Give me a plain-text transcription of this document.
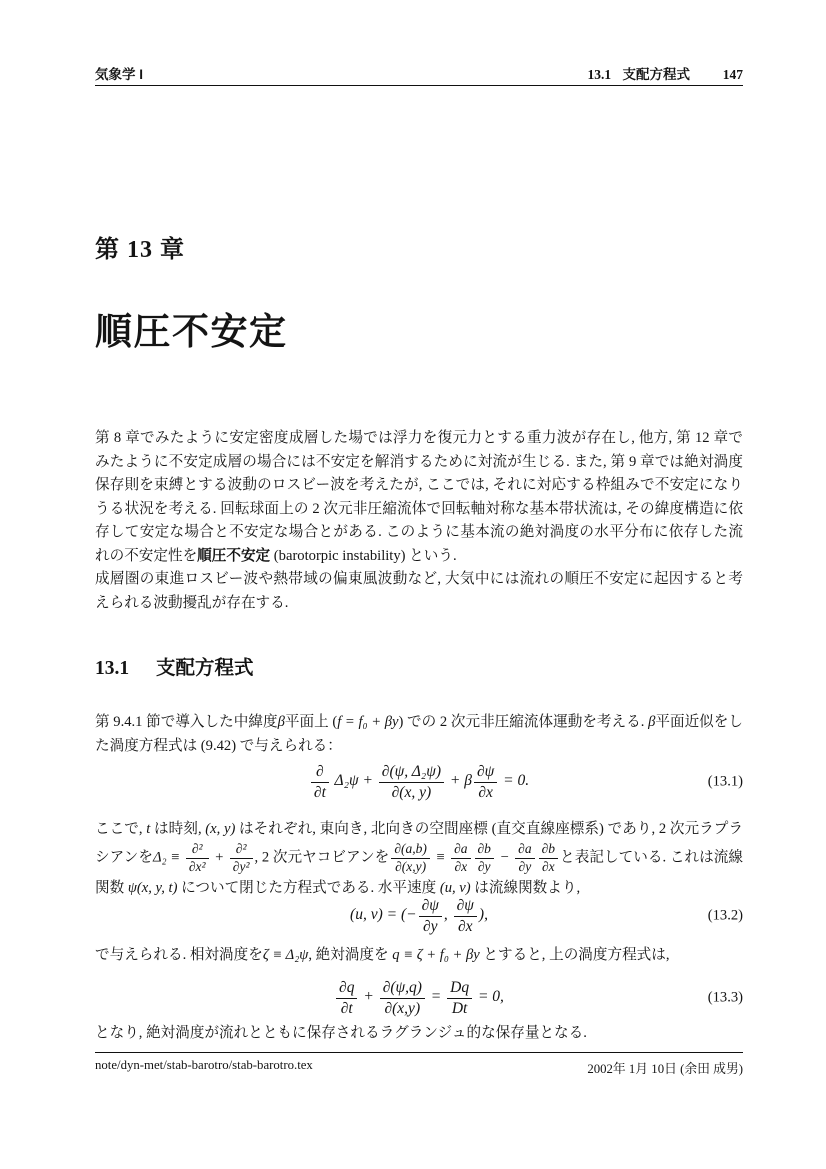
気象学 I	13.1 支配方程式 147
第 13 章
順圧不安定
第 8 章でみたように安定密度成層した場では浮力を復元力とする重力波が存在し, 他方, 第 12 章でみたように不安定成層の場合には不安定を解消するために対流が生じる. また, 第 9 章では絶対渦度保存則を束縛とする波動のロスビー波を考えたが, ここでは, それに対応する枠組みで不安定になりうる状況を考える. 回転球面上の 2 次元非圧縮流体で回転軸対称な基本帯状流は, その緯度構造に依存して安定な場合と不安定な場合とがある. このように基本流の絶対渦度の水平分布に依存した流れの不安定性を順圧不安定 (barotorpic instability) という.
成層圏の東進ロスビー波や熱帯域の偏東風波動など, 大気中には流れの順圧不安定に起因すると考えられる波動擾乱が存在する.
13.1 支配方程式
第 9.4.1 節で導入した中緯度β平面上 (f = f₀ + βy) での 2 次元非圧縮流体運動を考える. β平面近似をした渦度方程式は (9.42) で与えられる：
$\frac{\partial}{\partial t} \Delta_2\psi + \frac{\text{∂(ψ, Δ₂ψ)}}{\partial(x, y)} + \beta \frac{\partial\psi}{\partial x} = 0$.	(13.1)
ここで, t は時刻, (x, y) はそれぞれ, 東向き, 北向きの空間座標 (直交直線座標系) であり, 2 次元ラプラシアンを$\Delta_2 \equiv \frac{\text{∂²}}{\text{∂x²}} + \frac{\text{∂²}}{\text{∂y²}}$ , 2 次元ヤコビアンを $\frac{\partial(a,b)}{\partial(x,y)} \equiv \frac{\partial a}{\partial x} \frac{\partial b}{\partial y} - \frac{\partial a}{\partial y} \frac{\partial b}{\partial x}$ と表記している. これは流線関数 ψ(x, y, t) について閉じた方程式である. 水平速度 (u, v) は流線関数より,
(u, v) = (− $\frac{\partial\psi}{\partial y}$ , $\frac{\partial\psi}{\partial x}$ ),	(13.2)
で与えられる. 相対渦度をζ ≡ Δ₂ψ, 絶対渦度を q ≡ ζ + f₀ + βy とすると, 上の渦度方程式は,
$\frac{\partial q}{\partial t} + \frac{\partial(\psi,q)}{\partial(x,y)} = \frac{Dq}{Dt} = 0$,	(13.3)
となり, 絶対渦度が流れとともに保存されるラグランジュ的な保存量となる.
note/dyn-met/stab-barotro/stab-barotro.tex	2002年 1月 10日 (余田 成男)
